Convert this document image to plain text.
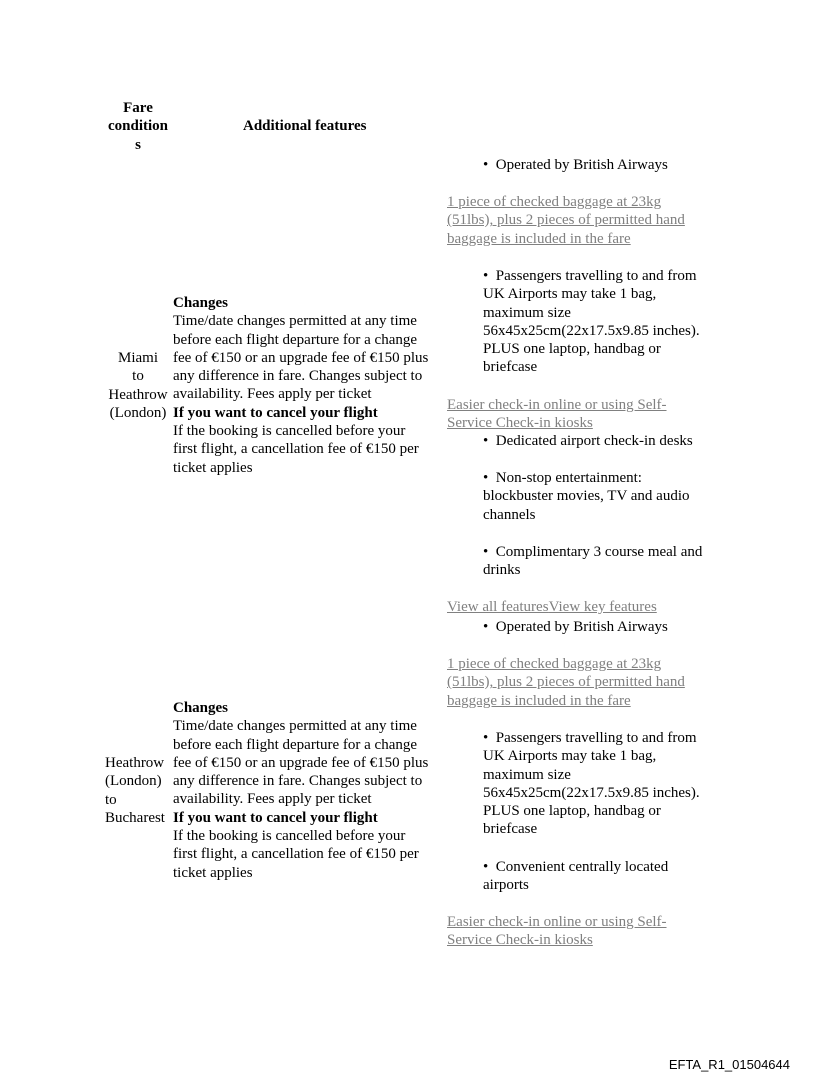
Fare
condition
s
Additional features
Miami
to
Heathrow
(London)
Changes
Time/date changes permitted at any time
before each flight departure for a change
fee of €150 or an upgrade fee of €150 plus
any difference in fare. Changes subject to
availability. Fees apply per ticket
If you want to cancel your flight
If the booking is cancelled before your
first flight, a cancellation fee of €150 per
ticket applies
•  Operated by British Airways
1 piece of checked baggage at 23kg
(51lbs), plus 2 pieces of permitted hand
baggage is included in the fare
•  Passengers travelling to and from
UK Airports may take 1 bag,
maximum size
56x45x25cm(22x17.5x9.85 inches).
PLUS one laptop, handbag or
briefcase
Easier check-in online or using Self-
Service Check-in kiosks
•  Dedicated airport check-in desks
•  Non-stop entertainment:
blockbuster movies, TV and audio
channels
•  Complimentary 3 course meal and
drinks
View all featuresView key features
Heathrow
(London)
to
Bucharest
Changes
Time/date changes permitted at any time
before each flight departure for a change
fee of €150 or an upgrade fee of €150 plus
any difference in fare. Changes subject to
availability. Fees apply per ticket
If you want to cancel your flight
If the booking is cancelled before your
first flight, a cancellation fee of €150 per
ticket applies
•  Operated by British Airways
1 piece of checked baggage at 23kg
(51lbs), plus 2 pieces of permitted hand
baggage is included in the fare
•  Passengers travelling to and from
UK Airports may take 1 bag,
maximum size
56x45x25cm(22x17.5x9.85 inches).
PLUS one laptop, handbag or
briefcase
•  Convenient centrally located
airports
Easier check-in online or using Self-
Service Check-in kiosks
EFTA_R1_01504644
